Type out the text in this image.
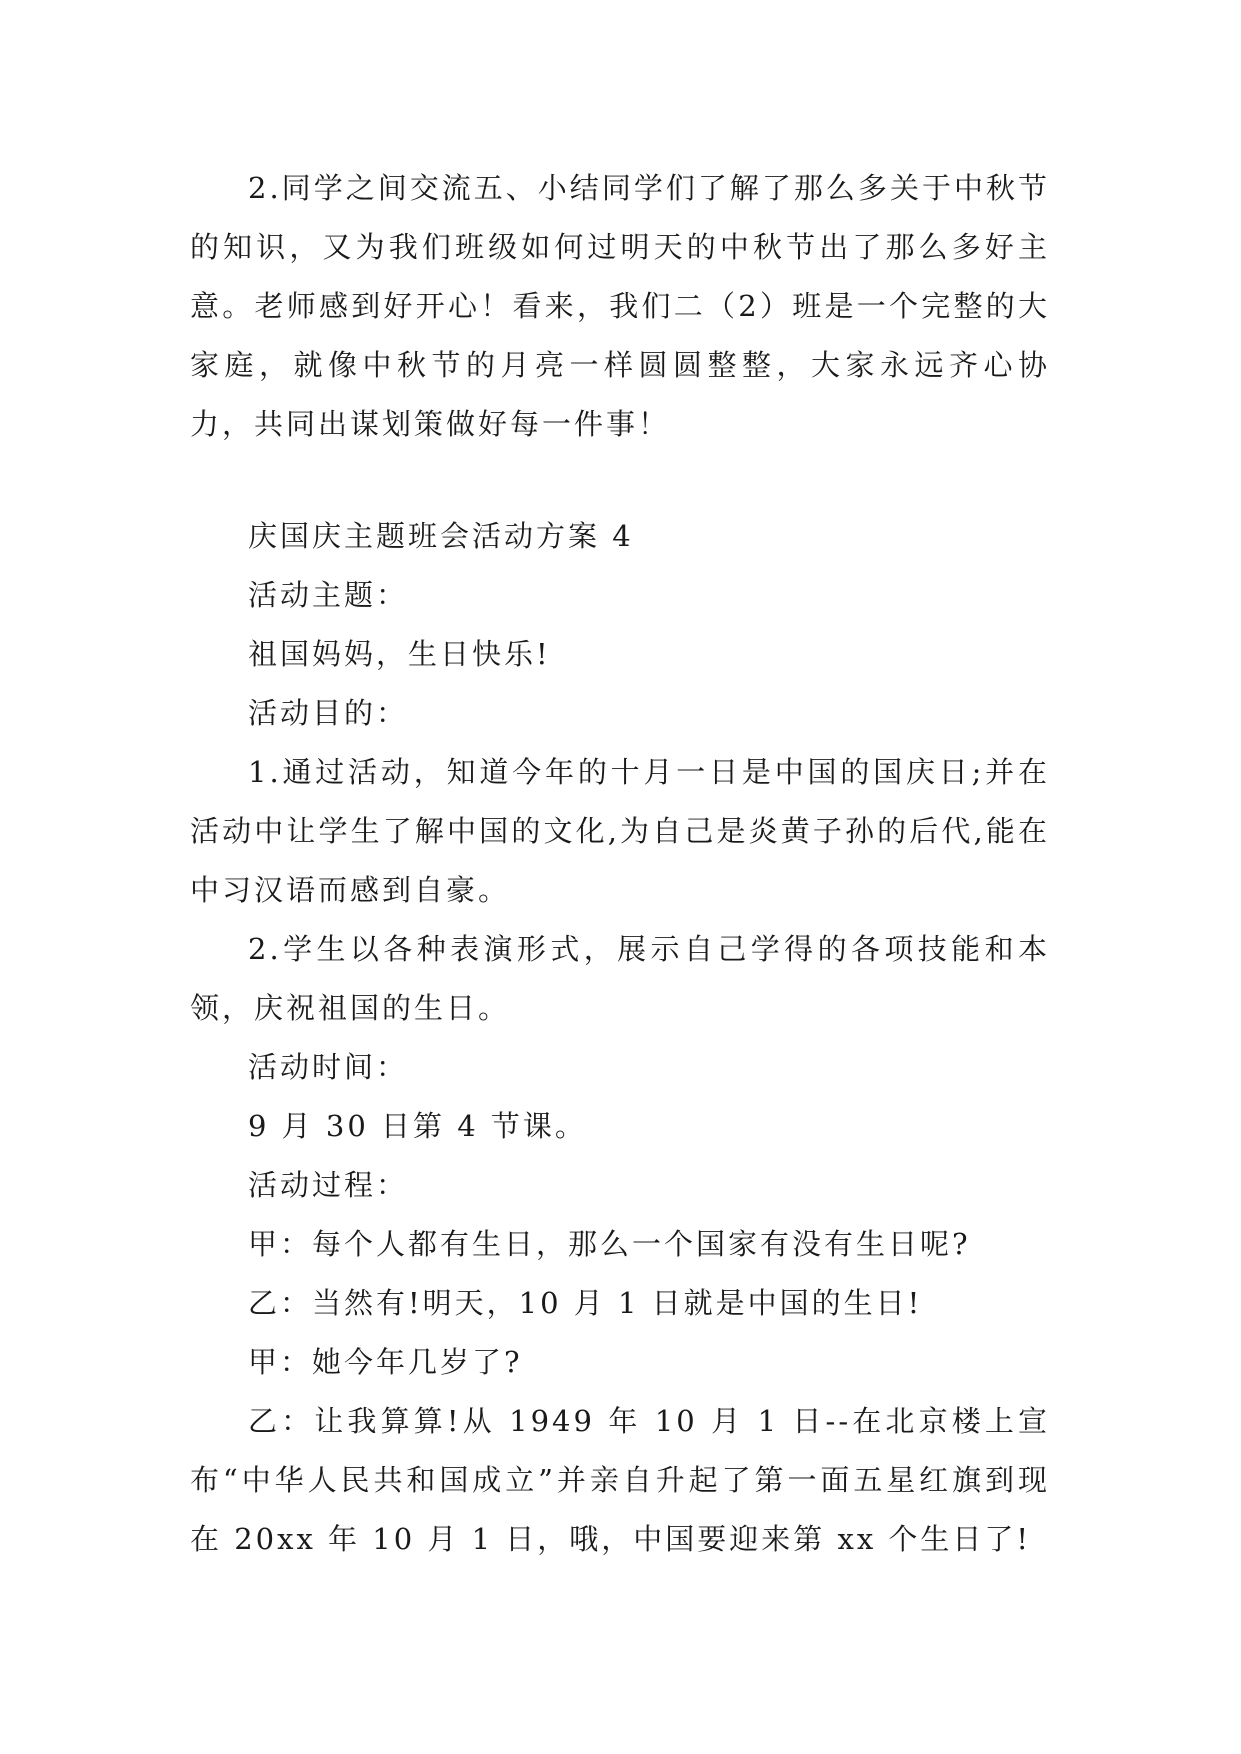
2.同学之间交流五、小结同学们了解了那么多关于中秋节的知识，又为我们班级如何过明天的中秋节出了那么多好主意。老师感到好开心！看来，我们二（2）班是一个完整的大家庭，就像中秋节的月亮一样圆圆整整，大家永远齐心协力，共同出谋划策做好每一件事！

庆国庆主题班会活动方案 4

活动主题：

祖国妈妈，生日快乐!

活动目的：

1.通过活动，知道今年的十月一日是中国的国庆日;并在活动中让学生了解中国的文化,为自己是炎黄子孙的后代,能在中习汉语而感到自豪。

2.学生以各种表演形式，展示自己学得的各项技能和本领，庆祝祖国的生日。

活动时间：

9 月 30 日第 4 节课。

活动过程：

甲：每个人都有生日，那么一个国家有没有生日呢?

乙：当然有!明天，10 月 1 日就是中国的生日!

甲：她今年几岁了?

乙：让我算算!从 1949 年 10 月 1 日--在北京楼上宣布“中华人民共和国成立”并亲自升起了第一面五星红旗到现在 20xx 年 10 月 1 日，哦，中国要迎来第 xx 个生日了!
